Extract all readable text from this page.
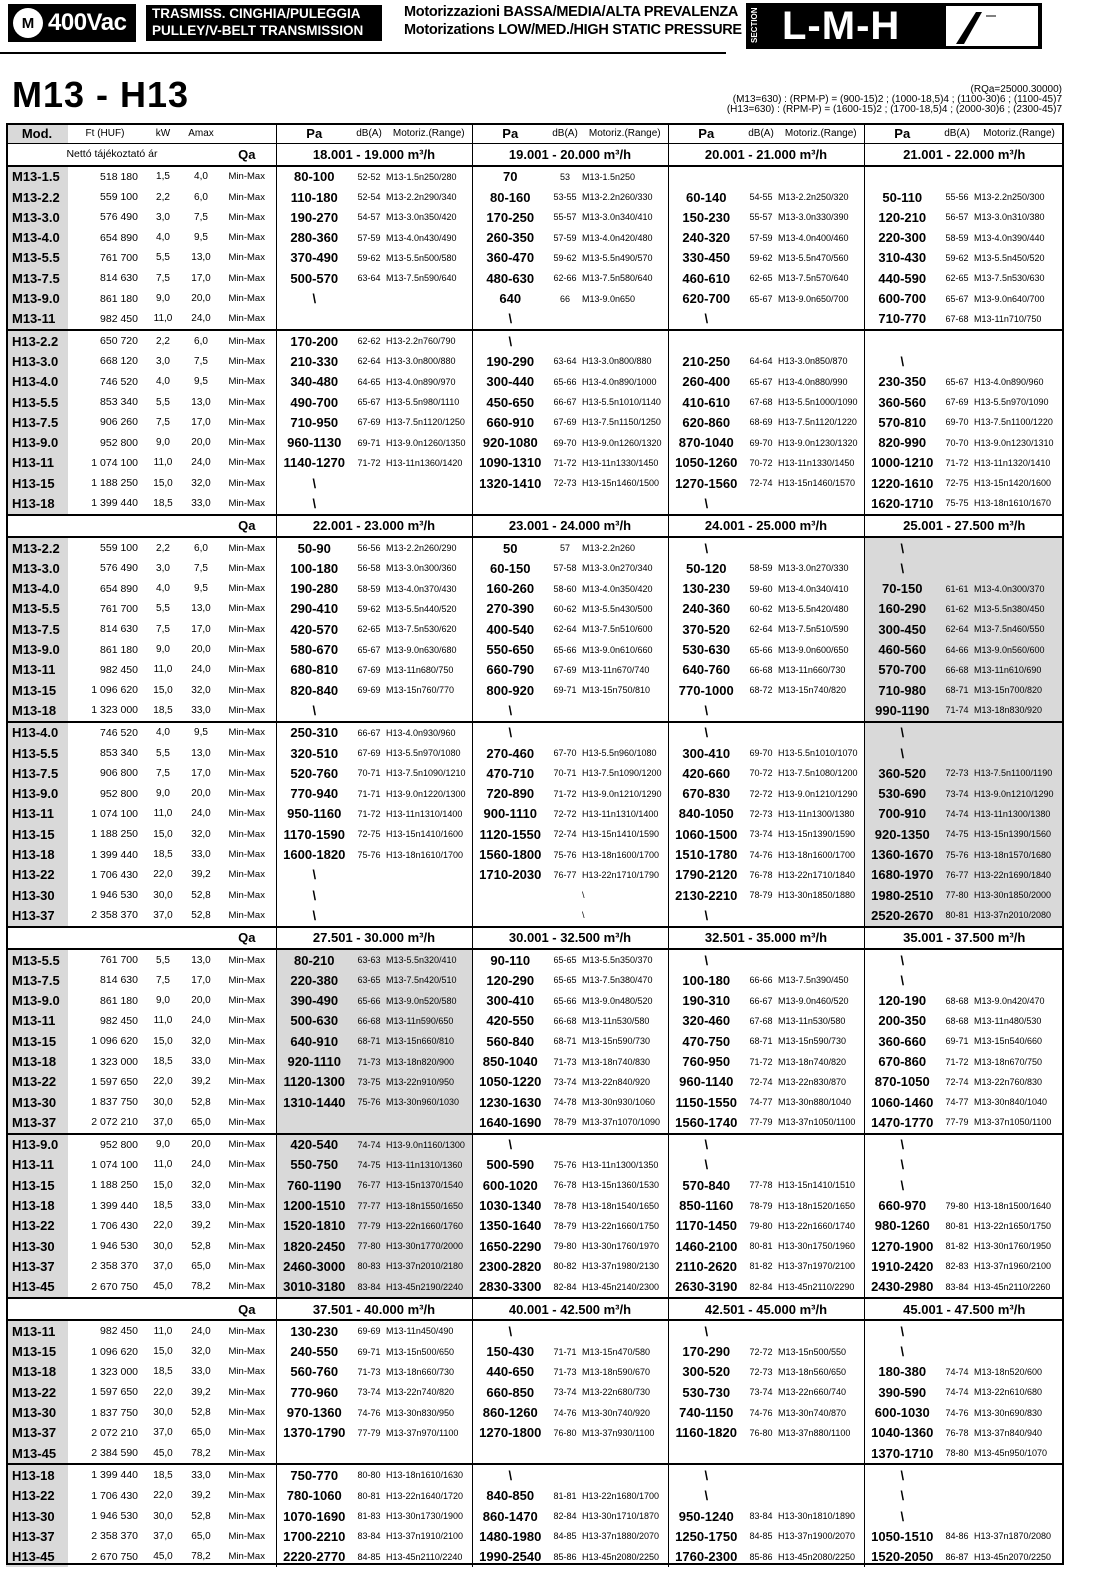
M 400Vac TRASMISS. CINGHIA/PULEGGIA
PULLEY/V-BELT TRANSMISSION
Motorizzazioni BASSA/MEDIA/ALTA PREVALENZA
Motorizations LOW/MED./HIGH STATIC PRESSURE SECTION L-M-H
M13 - H13	(RQa=25000.30000)
(M13=630) : (RPM-P) = (900-15)2 ; (1000-18,5)4 ; (1100-30)6 ; (1100-45)7
(H13=630) : (RPM-P) = (1600-15)2 ; (1700-18,5)4 ; (2000-30)6 ; (2300-45)7
Mod.	Ft (HUF)	kW	Amax		Pa	dB(A)	Motoriz.(Range)	Pa	dB(A)	Motoriz.(Range)	Pa	dB(A)	Motoriz.(Range)	Pa	dB(A)	Motoriz.(Range)
Nettó tájékoztató ár				Qa	18.001 - 19.000 m³/h			19.001 - 20.000 m³/h			20.001 - 21.000 m³/h			21.001 - 22.000 m³/h		
M13-1.5	518 180	1,5	4,0	Min-Max	80-100	52-52	M13-1.5n250/280	70	53	M13-1.5n250						
M13-2.2	559 100	2,2	6,0	Min-Max	110-180	52-54	M13-2.2n290/340	80-160	53-55	M13-2.2n260/330	60-140	54-55	M13-2.2n250/320	50-110	55-56	M13-2.2n250/300
M13-3.0	576 490	3,0	7,5	Min-Max	190-270	54-57	M13-3.0n350/420	170-250	55-57	M13-3.0n340/410	150-230	55-57	M13-3.0n330/390	120-210	56-57	M13-3.0n310/380
M13-4.0	654 890	4,0	9,5	Min-Max	280-360	57-59	M13-4.0n430/490	260-350	57-59	M13-4.0n420/480	240-320	57-59	M13-4.0n400/460	220-300	58-59	M13-4.0n390/440
M13-5.5	761 700	5,5	13,0	Min-Max	370-490	59-62	M13-5.5n500/580	360-470	59-62	M13-5.5n490/570	330-450	59-62	M13-5.5n470/560	310-430	59-62	M13-5.5n450/520
M13-7.5	814 630	7,5	17,0	Min-Max	500-570	63-64	M13-7.5n590/640	480-630	62-66	M13-7.5n580/640	460-610	62-65	M13-7.5n570/640	440-590	62-65	M13-7.5n530/630
M13-9.0	861 180	9,0	20,0	Min-Max	\			640	66	M13-9.0n650	620-700	65-67	M13-9.0n650/700	600-700	65-67	M13-9.0n640/700
M13-11	982 450	11,0	24,0	Min-Max				\			\			710-770	67-68	M13-11n710/750
H13-2.2	650 720	2,2	6,0	Min-Max	170-200	62-62	H13-2.2n760/790	\								
H13-3.0	668 120	3,0	7,5	Min-Max	210-330	62-64	H13-3.0n800/880	190-290	63-64	H13-3.0n800/880	210-250	64-64	H13-3.0n850/870	\		
H13-4.0	746 520	4,0	9,5	Min-Max	340-480	64-65	H13-4.0n890/970	300-440	65-66	H13-4.0n890/1000	260-400	65-67	H13-4.0n880/990	230-350	65-67	H13-4.0n890/960
H13-5.5	853 340	5,5	13,0	Min-Max	490-700	65-67	H13-5.5n980/1110	450-650	66-67	H13-5.5n1010/1140	410-610	67-68	H13-5.5n1000/1090	360-560	67-69	H13-5.5n970/1090
H13-7.5	906 260	7,5	17,0	Min-Max	710-950	67-69	H13-7.5n1120/1250	660-910	67-69	H13-7.5n1150/1250	620-860	68-69	H13-7.5n1120/1220	570-810	69-70	H13-7.5n1100/1220
H13-9.0	952 800	9,0	20,0	Min-Max	960-1130	69-71	H13-9.0n1260/1350	920-1080	69-70	H13-9.0n1260/1320	870-1040	69-70	H13-9.0n1230/1320	820-990	70-70	H13-9.0n1230/1310
H13-11	1 074 100	11,0	24,0	Min-Max	1140-1270	71-72	H13-11n1360/1420	1090-1310	71-72	H13-11n1330/1450	1050-1260	70-72	H13-11n1330/1450	1000-1210	71-72	H13-11n1320/1410
H13-15	1 188 250	15,0	32,0	Min-Max	\			1320-1410	72-73	H13-15n1460/1500	1270-1560	72-74	H13-15n1460/1570	1220-1610	72-75	H13-15n1420/1600
H13-18	1 399 440	18,5	33,0	Min-Max	\						\			1620-1710	75-75	H13-18n1610/1670
				Qa	22.001 - 23.000 m³/h			23.001 - 24.000 m³/h			24.001 - 25.000 m³/h			25.001 - 27.500 m³/h		
M13-2.2	559 100	2,2	6,0	Min-Max	50-90	56-56	M13-2.2n260/290	50	57	M13-2.2n260	\			\		
M13-3.0	576 490	3,0	7,5	Min-Max	100-180	56-58	M13-3.0n300/360	60-150	57-58	M13-3.0n270/340	50-120	58-59	M13-3.0n270/330	\		
M13-4.0	654 890	4,0	9,5	Min-Max	190-280	58-59	M13-4.0n370/430	160-260	58-60	M13-4.0n350/420	130-230	59-60	M13-4.0n340/410	70-150	61-61	M13-4.0n300/370
M13-5.5	761 700	5,5	13,0	Min-Max	290-410	59-62	M13-5.5n440/520	270-390	60-62	M13-5.5n430/500	240-360	60-62	M13-5.5n420/480	160-290	61-62	M13-5.5n380/450
M13-7.5	814 630	7,5	17,0	Min-Max	420-570	62-65	M13-7.5n530/620	400-540	62-64	M13-7.5n510/600	370-520	62-64	M13-7.5n510/590	300-450	62-64	M13-7.5n460/550
M13-9.0	861 180	9,0	20,0	Min-Max	580-670	65-67	M13-9.0n630/680	550-650	65-66	M13-9.0n610/660	530-630	65-66	M13-9.0n600/650	460-560	64-66	M13-9.0n560/600
M13-11	982 450	11,0	24,0	Min-Max	680-810	67-69	M13-11n680/750	660-790	67-69	M13-11n670/740	640-760	66-68	M13-11n660/730	570-700	66-68	M13-11n610/690
M13-15	1 096 620	15,0	32,0	Min-Max	820-840	69-69	M13-15n760/770	800-920	69-71	M13-15n750/810	770-1000	68-72	M13-15n740/820	710-980	68-71	M13-15n700/820
M13-18	1 323 000	18,5	33,0	Min-Max	\			\			\			990-1190	71-74	M13-18n830/920
H13-4.0	746 520	4,0	9,5	Min-Max	250-310	66-67	H13-4.0n930/960	\			\			\		
H13-5.5	853 340	5,5	13,0	Min-Max	320-510	67-69	H13-5.5n970/1080	270-460	67-70	H13-5.5n960/1080	300-410	69-70	H13-5.5n1010/1070	\		
H13-7.5	906 800	7,5	17,0	Min-Max	520-760	70-71	H13-7.5n1090/1210	470-710	70-71	H13-7.5n1090/1200	420-660	70-72	H13-7.5n1080/1200	360-520	72-73	H13-7.5n1100/1190
H13-9.0	952 800	9,0	20,0	Min-Max	770-940	71-71	H13-9.0n1220/1300	720-890	71-72	H13-9.0n1210/1290	670-830	72-72	H13-9.0n1210/1290	530-690	73-74	H13-9.0n1210/1290
H13-11	1 074 100	11,0	24,0	Min-Max	950-1160	71-72	H13-11n1310/1400	900-1110	72-72	H13-11n1310/1400	840-1050	72-73	H13-11n1300/1380	700-910	74-74	H13-11n1300/1380
H13-15	1 188 250	15,0	32,0	Min-Max	1170-1590	72-75	H13-15n1410/1600	1120-1550	72-74	H13-15n1410/1590	1060-1500	73-74	H13-15n1390/1590	920-1350	74-75	H13-15n1390/1560
H13-18	1 399 440	18,5	33,0	Min-Max	1600-1820	75-76	H13-18n1610/1700	1560-1800	75-76	H13-18n1600/1700	1510-1780	74-76	H13-18n1600/1700	1360-1670	75-76	H13-18n1570/1680
H13-22	1 706 430	22,0	39,2	Min-Max	\			1710-2030	76-77	H13-22n1710/1790	1790-2120	76-78	H13-22n1710/1840	1680-1970	76-77	H13-22n1690/1840
H13-30	1 946 530	30,0	52,8	Min-Max	\					\	2130-2210	78-79	H13-30n1850/1880	1980-2510	77-80	H13-30n1850/2000
H13-37	2 358 370	37,0	52,8	Min-Max	\					\	\			2520-2670	80-81	H13-37n2010/2080
				Qa	27.501 - 30.000 m³/h			30.001 - 32.500 m³/h			32.501 - 35.000 m³/h			35.001 - 37.500 m³/h		
M13-5.5	761 700	5,5	13,0	Min-Max	80-210	63-63	M13-5.5n320/410	90-110	65-65	M13-5.5n350/370	\			\		
M13-7.5	814 630	7,5	17,0	Min-Max	220-380	63-65	M13-7.5n420/510	120-290	65-65	M13-7.5n380/470	100-180	66-66	M13-7.5n390/450	\		
M13-9.0	861 180	9,0	20,0	Min-Max	390-490	65-66	M13-9.0n520/580	300-410	65-66	M13-9.0n480/520	190-310	66-67	M13-9.0n460/520	120-190	68-68	M13-9.0n420/470
M13-11	982 450	11,0	24,0	Min-Max	500-630	66-68	M13-11n590/650	420-550	66-68	M13-11n530/580	320-460	67-68	M13-11n530/580	200-350	68-68	M13-11n480/530
M13-15	1 096 620	15,0	32,0	Min-Max	640-910	68-71	M13-15n660/810	560-840	68-71	M13-15n590/730	470-750	68-71	M13-15n590/730	360-660	69-71	M13-15n540/660
M13-18	1 323 000	18,5	33,0	Min-Max	920-1110	71-73	M13-18n820/900	850-1040	71-73	M13-18n740/830	760-950	71-72	M13-18n740/820	670-860	71-72	M13-18n670/750
M13-22	1 597 650	22,0	39,2	Min-Max	1120-1300	73-75	M13-22n910/950	1050-1220	73-74	M13-22n840/920	960-1140	72-74	M13-22n830/870	870-1050	72-74	M13-22n760/830
M13-30	1 837 750	30,0	52,8	Min-Max	1310-1440	75-76	M13-30n960/1030	1230-1630	74-78	M13-30n930/1060	1150-1550	74-77	M13-30n880/1040	1060-1460	74-77	M13-30n840/1040
M13-37	2 072 210	37,0	65,0	Min-Max				1640-1690	78-79	M13-37n1070/1090	1560-1740	77-79	M13-37n1050/1100	1470-1770	77-79	M13-37n1050/1100
H13-9.0	952 800	9,0	20,0	Min-Max	420-540	74-74	H13-9.0n1160/1300	\			\			\		
H13-11	1 074 100	11,0	24,0	Min-Max	550-750	74-75	H13-11n1310/1360	500-590	75-76	H13-11n1300/1350	\			\		
H13-15	1 188 250	15,0	32,0	Min-Max	760-1190	76-77	H13-15n1370/1540	600-1020	76-78	H13-15n1360/1530	570-840	77-78	H13-15n1410/1510	\		
H13-18	1 399 440	18,5	33,0	Min-Max	1200-1510	77-77	H13-18n1550/1650	1030-1340	78-78	H13-18n1540/1650	850-1160	78-79	H13-18n1520/1650	660-970	79-80	H13-18n1500/1640
H13-22	1 706 430	22,0	39,2	Min-Max	1520-1810	77-79	H13-22n1660/1760	1350-1640	78-79	H13-22n1660/1750	1170-1450	79-80	H13-22n1660/1740	980-1260	80-81	H13-22n1650/1750
H13-30	1 946 530	30,0	52,8	Min-Max	1820-2450	77-80	H13-30n1770/2000	1650-2290	79-80	H13-30n1760/1970	1460-2100	80-81	H13-30n1750/1960	1270-1900	81-82	H13-30n1760/1950
H13-37	2 358 370	37,0	65,0	Min-Max	2460-3000	80-83	H13-37n2010/2180	2300-2820	80-82	H13-37n1980/2130	2110-2620	81-82	H13-37n1970/2100	1910-2420	82-83	H13-37n1960/2100
H13-45	2 670 750	45,0	78,2	Min-Max	3010-3180	83-84	H13-45n2190/2240	2830-3300	82-84	H13-45n2140/2300	2630-3190	82-84	H13-45n2110/2290	2430-2980	83-84	H13-45n2110/2260
				Qa	37.501 - 40.000 m³/h			40.001 - 42.500 m³/h			42.501 - 45.000 m³/h			45.001 - 47.500 m³/h		
M13-11	982 450	11,0	24,0	Min-Max	130-230	69-69	M13-11n450/490	\			\			\		
M13-15	1 096 620	15,0	32,0	Min-Max	240-550	69-71	M13-15n500/650	150-430	71-71	M13-15n470/580	170-290	72-72	M13-15n500/550	\		
M13-18	1 323 000	18,5	33,0	Min-Max	560-760	71-73	M13-18n660/730	440-650	71-73	M13-18n590/670	300-520	72-73	M13-18n560/650	180-380	74-74	M13-18n520/600
M13-22	1 597 650	22,0	39,2	Min-Max	770-960	73-74	M13-22n740/820	660-850	73-74	M13-22n680/730	530-730	73-74	M13-22n660/740	390-590	74-74	M13-22n610/680
M13-30	1 837 750	30,0	52,8	Min-Max	970-1360	74-76	M13-30n830/950	860-1260	74-76	M13-30n740/920	740-1150	74-76	M13-30n740/870	600-1030	74-76	M13-30n690/830
M13-37	2 072 210	37,0	65,0	Min-Max	1370-1790	77-79	M13-37n970/1100	1270-1800	76-80	M13-37n930/1100	1160-1820	76-80	M13-37n880/1100	1040-1360	76-78	M13-37n840/940
M13-45	2 384 590	45,0	78,2	Min-Max										1370-1710	78-80	M13-45n950/1070
H13-18	1 399 440	18,5	33,0	Min-Max	750-770	80-80	H13-18n1610/1630	\			\			\		
H13-22	1 706 430	22,0	39,2	Min-Max	780-1060	80-81	H13-22n1640/1720	840-850	81-81	H13-22n1680/1700	\			\		
H13-30	1 946 530	30,0	52,8	Min-Max	1070-1690	81-83	H13-30n1730/1900	860-1470	82-84	H13-30n1710/1870	950-1240	83-84	H13-30n1810/1890	\		
H13-37	2 358 370	37,0	65,0	Min-Max	1700-2210	83-84	H13-37n1910/2100	1480-1980	84-85	H13-37n1880/2070	1250-1750	84-85	H13-37n1900/2070	1050-1510	84-86	H13-37n1870/2080
H13-45	2 670 750	45,0	78,2	Min-Max	2220-2770	84-85	H13-45n2110/2240	1990-2540	85-86	H13-45n2080/2250	1760-2300	85-86	H13-45n2080/2250	1520-2050	86-87	H13-45n2070/2250
